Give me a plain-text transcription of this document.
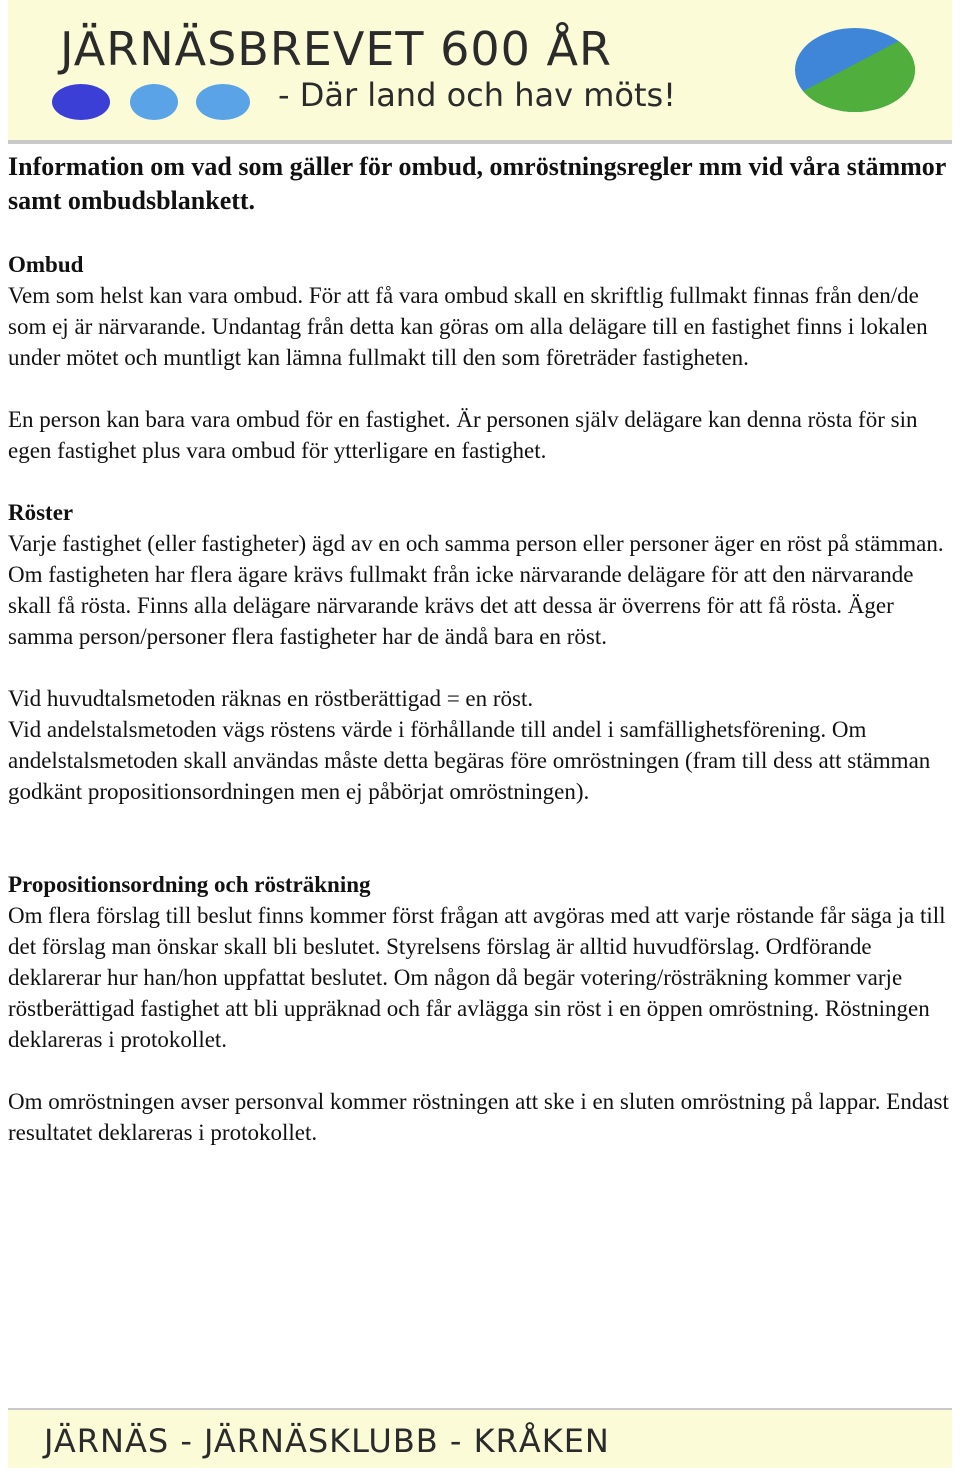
JÄRNÄSBREVET 600 ÅR
- Där land och hav möts!
Information om vad som gäller för ombud, omröstningsregler mm vid våra stämmor samt ombudsblankett.
Ombud

Vem som helst kan vara ombud. För att få vara ombud skall en skriftlig fullmakt finnas från den/de som ej är närvarande. Undantag från detta kan göras om alla delägare till en fastighet finns i lokalen under mötet och muntligt kan lämna fullmakt till den som företräder fastigheten.

En person kan bara vara ombud för en fastighet. Är personen själv delägare kan denna rösta för sin egen fastighet plus vara ombud för ytterligare en fastighet.

Röster

Varje fastighet (eller fastigheter) ägd av en och samma person eller personer äger en röst på stämman. Om fastigheten har flera ägare krävs fullmakt från icke närvarande delägare för att den närvarande skall få rösta. Finns alla delägare närvarande krävs det att dessa är överrens för att få rösta. Äger samma person/personer flera fastigheter har de ändå bara en röst.

Vid huvudtalsmetoden räknas en röstberättigad = en röst.

Vid andelstalsmetoden vägs röstens värde i förhållande till andel i samfällighetsförening. Om andelstalsmetoden skall användas måste detta begäras före omröstningen (fram till dess att stämman godkänt propositionsordningen men ej påbörjat omröstningen).

Propositionsordning och rösträkning

Om flera förslag till beslut finns kommer först frågan att avgöras med att varje röstande får säga ja till det förslag man önskar skall bli beslutet. Styrelsens förslag är alltid huvudförslag. Ordförande deklarerar hur han/hon uppfattat beslutet. Om någon då begär votering/rösträkning kommer varje röstberättigad fastighet att bli uppräknad och får avlägga sin röst i en öppen omröstning. Röstningen deklareras i protokollet.

Om omröstningen avser personval kommer röstningen att ske i en sluten omröstning på lappar. Endast resultatet deklareras i protokollet.

JÄRNÄS - JÄRNÄSKLUBB - KRÅKEN
